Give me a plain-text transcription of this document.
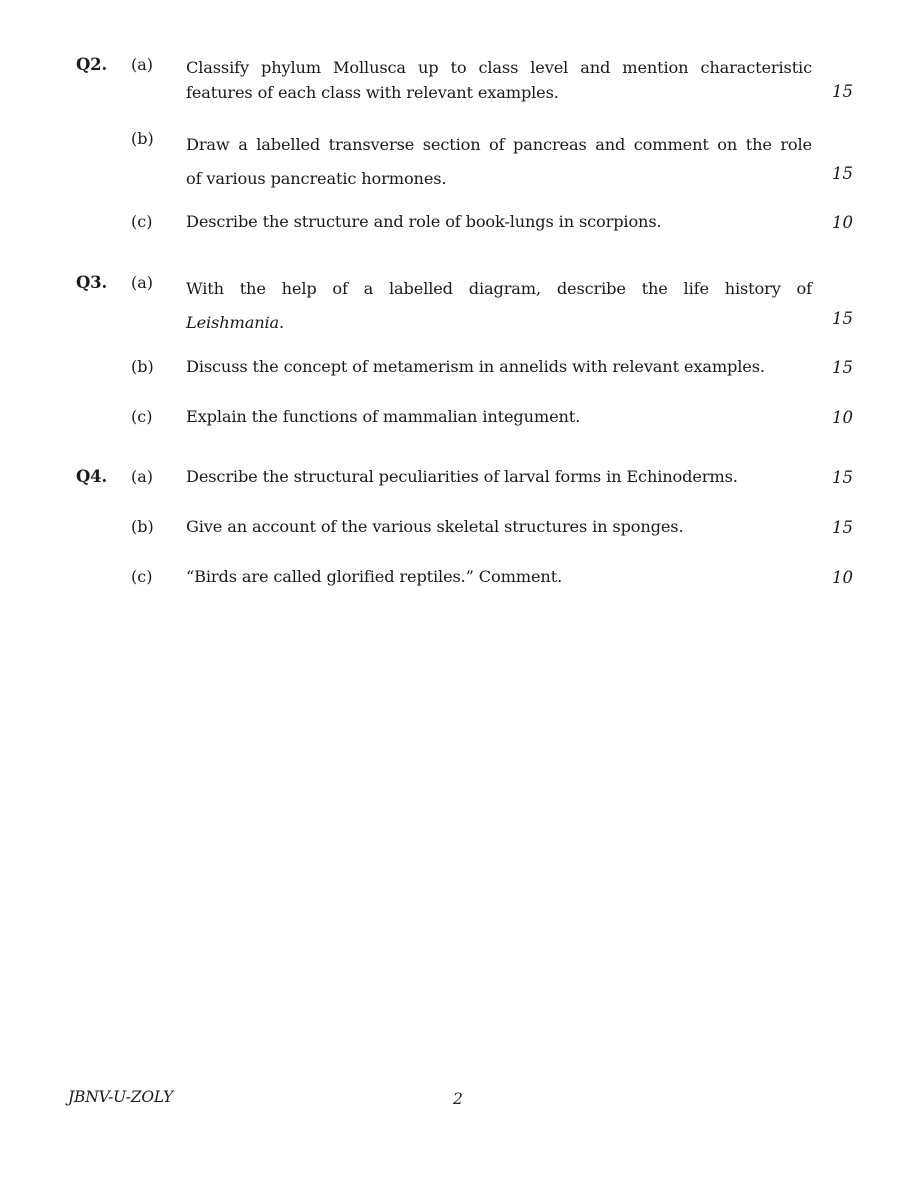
Q2. (a) Classify phylum Mollusca up to class level and mention characteristic
features of each class with relevant examples.	15
(b) Draw a labelled transverse section of pancreas and comment on the role
of various pancreatic hormones.	15
(c) Describe the structure and role of book-lungs in scorpions.	10
Q3. (a) With the help of a labelled diagram, describe the life history of
Leishmania.	15
(b) Discuss the concept of metamerism in annelids with relevant examples.	15
(c) Explain the functions of mammalian integument.	10
Q4. (a) Describe the structural peculiarities of larval forms in Echinoderms.	15
(b) Give an account of the various skeletal structures in sponges.	15
(c) “Birds are called glorified reptiles.” Comment.	10
JBNV-U-ZOLY	2
